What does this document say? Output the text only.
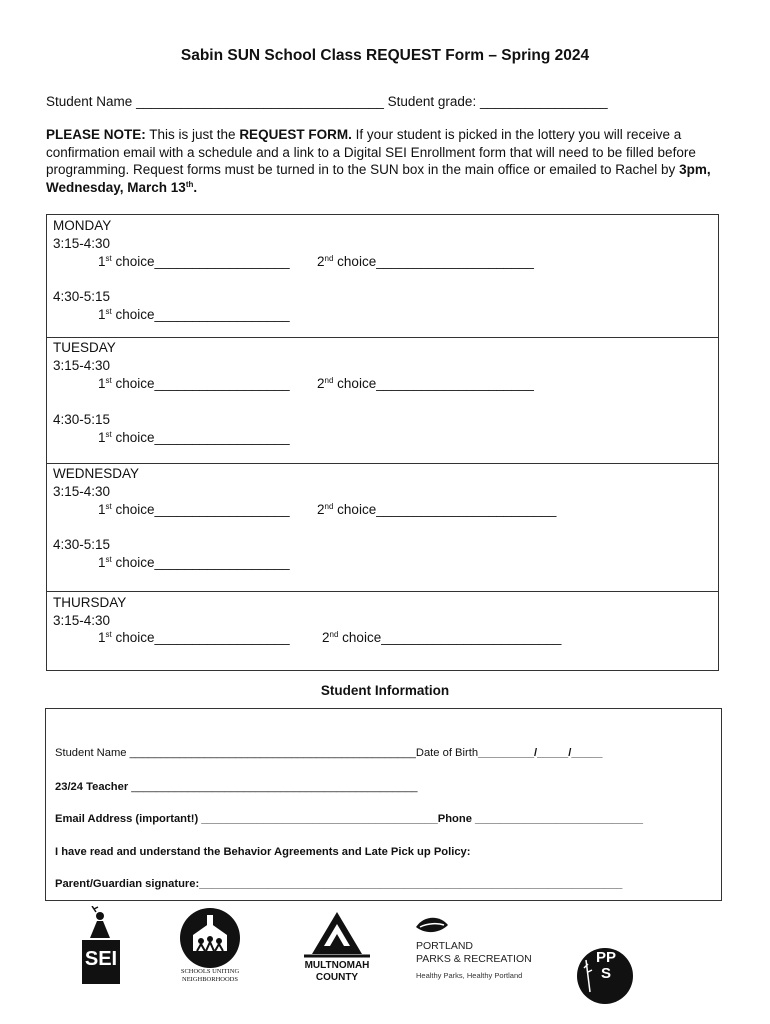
Sabin SUN School Class REQUEST Form – Spring 2024
Student Name _________________________________ Student grade: _________________
PLEASE NOTE: This is just the REQUEST FORM. If your student is picked in the lottery you will receive a confirmation email with a schedule and a link to a Digital SEI Enrollment form that will need to be filled before programming. Request forms must be turned in to the SUN box in the main office or emailed to Rachel by 3pm, Wednesday, March 13th.
MONDAY
3:15-4:30
1st choice__________________ 2nd choice_____________________
4:30-5:15
1st choice__________________
TUESDAY
3:15-4:30
1st choice__________________ 2nd choice_____________________
4:30-5:15
1st choice__________________
WEDNESDAY
3:15-4:30
1st choice__________________ 2nd choice________________________
4:30-5:15
1st choice__________________
THURSDAY
3:15-4:30
1st choice__________________ 2nd choice________________________
Student Information
Student Name ______________________________________________Date of Birth_________/_____/_____
23/24 Teacher ______________________________________________
Email Address (important!) ______________________________________Phone ___________________________
I have read and understand the Behavior Agreements and Late Pick up Policy:
Parent/Guardian signature:____________________________________________________________________
SEI
SCHOOLS UNITING
NEIGHBORHOODS
MULTNOMAH
COUNTY
PORTLAND
PARKS & RECREATION
Healthy Parks, Healthy Portland
PPS
